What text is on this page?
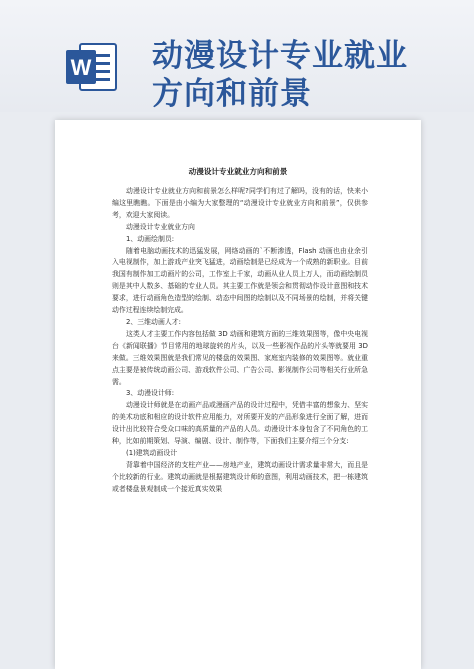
W 动漫设计专业就业
方向和前景
动漫设计专业就业方向和前景

动漫设计专业就业方向和前景怎么样呢?同学们有过了解吗，没有的话，快来小编这里瞧瞧。下面是由小编为大家整理的“动漫设计专业就业方向和前景”，仅供参考，欢迎大家阅读。

动漫设计专业就业方向

1、动画绘制员:

随着电脑动画技术的迅猛发展，网络动画的`不断渗透，Flash 动画也由业余引入电视制作，加上游戏产业突飞猛进，动画绘制是已经成为一个成熟的新职业。目前我国有制作加工动画片的公司，工作室上千家，动画从业人员上万人，而动画绘制员则是其中人数多、基础的专业人员。其主要工作就是领会和贯彻动作设计意图和技术要求，进行动画角色造型的绘制、动态中间图的绘制以及不同场景的绘制，并将关键动作过程连续绘制完成。

2、三维动画人才:

这类人才主要工作内容包括做 3D 动画和建筑方面的三维效果图等，像中央电视台《新闻联播》节目常用的地球旋转的片头，以及一些影视作品的片头等就要用 3D 来做。三维效果图就是我们常见的楼盘的效果图、家庭室内装修的效果图等。就业重点主要是被传统动画公司、游戏软件公司、广告公司、影视制作公司等相关行业所急需。

3、动漫设计师:

动漫设计师就是在动画产品或漫画产品的设计过程中，凭借丰富的想象力、坚实的美术功底和相应的设计软件应用能力，对所要开发的产品形象进行全面了解，进而设计出比较符合受众口味的高质量的产品的人员。动漫设计本身包含了不同角色的工种，比如前期策划、导演、编剧、设计、制作等，下面我们主要介绍三个分支:

(1)建筑动画设计

背靠着中国经济的支柱产业——房地产业，建筑动画设计需求量非常大，而且是个比较新的行业。建筑动画就是根据建筑设计师的意图，利用动画技术，把一栋建筑或者楼盘景观制成一个接近真实效果
